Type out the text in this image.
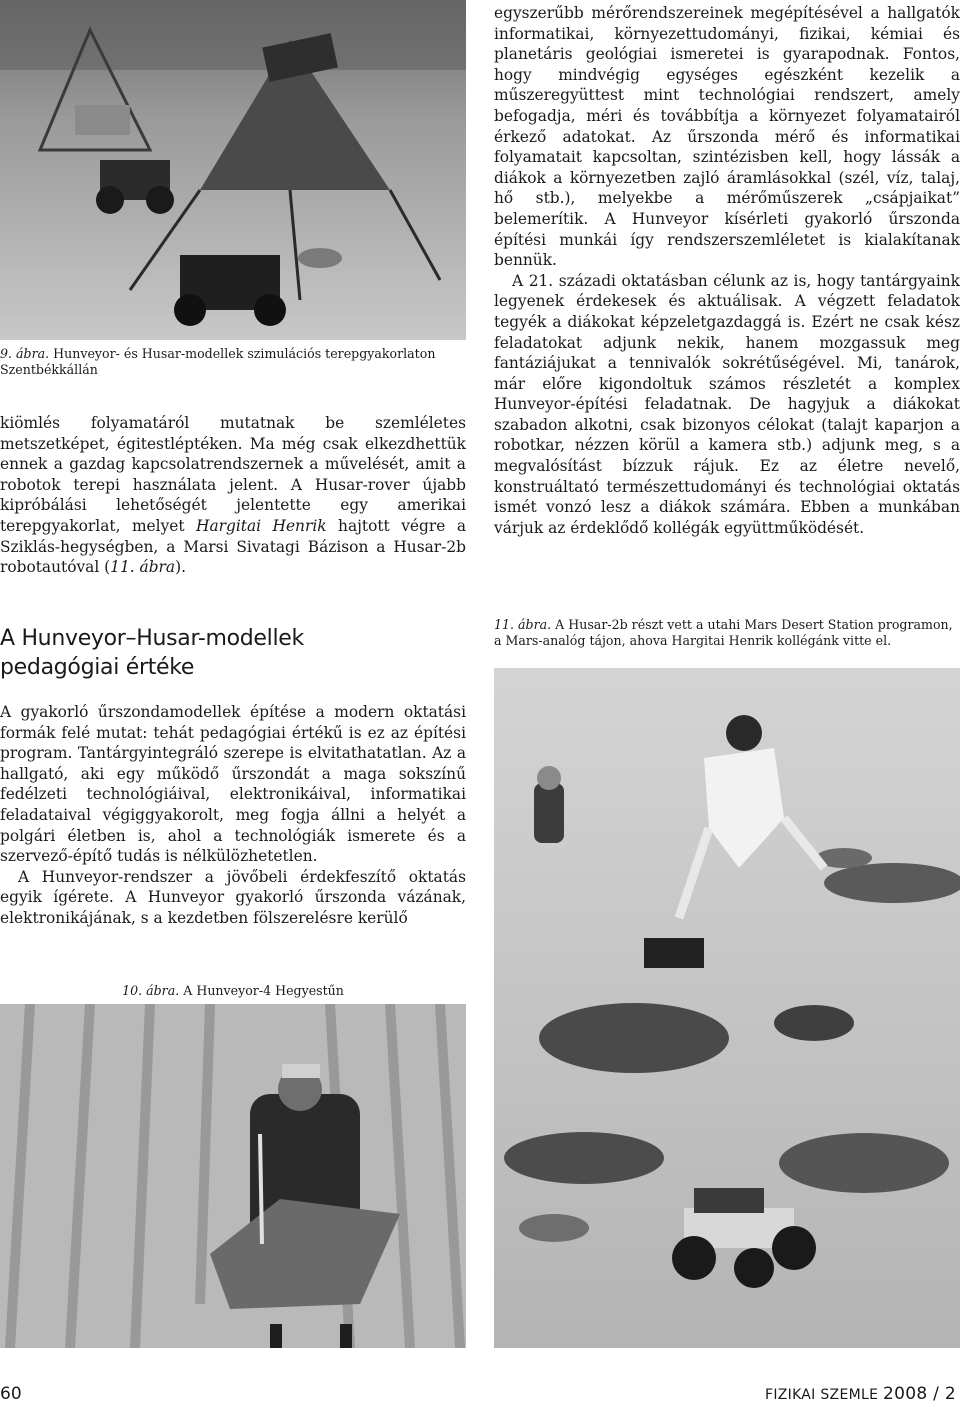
9. ábra. Hunveyor- és Husar-modellek szimulációs terepgyakorlaton Szentbékkállán

kiömlés folyamatáról mutatnak be szemléletes metszetképet, égitestléptéken. Ma még csak elkezdhettük ennek a gazdag kapcsolatrendszernek a művelését, amit a robotok terepi használata jelent. A Husar-rover újabb kipróbálási lehetőségét jelentette egy amerikai terepgyakorlat, melyet Hargitai Henrik hajtott végre a Sziklás-hegységben, a Marsi Sivatagi Bázison a Husar-2b robotautóval (11. ábra).

A Hunveyor–Husar-modellek pedagógiai értéke

A gyakorló űrszondamodellek építése a modern oktatási formák felé mutat: tehát pedagógiai értékű is ez az építési program. Tantárgyintegráló szerepe is elvitathatatlan. Az a hallgató, aki egy működő űrszondát a maga sokszínű fedélzeti technológiáival, elektronikáival, informatikai feladataival végiggyakorolt, meg fogja állni a helyét a polgári életben is, ahol a technológiák ismerete és a szervező-építő tudás is nélkülözhetetlen.

A Hunveyor-rendszer a jövőbeli érdekfeszítő oktatás egyik ígérete. A Hunveyor gyakorló űrszonda vázának, elektronikájának, s a kezdetben fölszerelésre kerülő

10. ábra. A Hunveyor-4 Hegyestűn

egyszerűbb mérőrendszereinek megépítésével a hallgatók informatikai, környezettudományi, fizikai, kémiai és planetáris geológiai ismeretei is gyarapodnak. Fontos, hogy mindvégig egységes egészként kezelik a műszeregyüttest mint technológiai rendszert, amely befogadja, méri és továbbítja a környezet folyamatairól érkező adatokat. Az űrszonda mérő és informatikai folyamatait kapcsoltan, szintézisben kell, hogy lássák a diákok a környezetben zajló áramlásokkal (szél, víz, talaj, hő stb.), melyekbe a mérőműszerek „csápjaikat” belemerítik. A Hunveyor kísérleti gyakorló űrszonda építési munkái így rendszerszemléletet is kialakítanak bennük.

A 21. századi oktatásban célunk az is, hogy tantárgyaink legyenek érdekesek és aktuálisak. A végzett feladatok tegyék a diákokat képzeletgazdaggá is. Ezért ne csak kész feladatokat adjunk nekik, hanem mozgassuk meg fantáziájukat a tennivalók sokrétűségével. Mi, tanárok, már előre kigondoltuk számos részletét a komplex Hunveyor-építési feladatnak. De hagyjuk a diákokat szabadon alkotni, csak bizonyos célokat (talajt kaparjon a robotkar, nézzen körül a kamera stb.) adjunk meg, s a megvalósítást bízzuk rájuk. Ez az életre nevelő, konstruáltató természettudományi és technológiai oktatás ismét vonzó lesz a diákok számára. Ebben a munkában várjuk az érdeklődő kollégák együttműködését.

11. ábra. A Husar-2b részt vett a utahi Mars Desert Station programon, a Mars-analóg tájon, ahova Hargitai Henrik kollégánk vitte el.

60	FIZIKAI SZEMLE 2008 / 2
